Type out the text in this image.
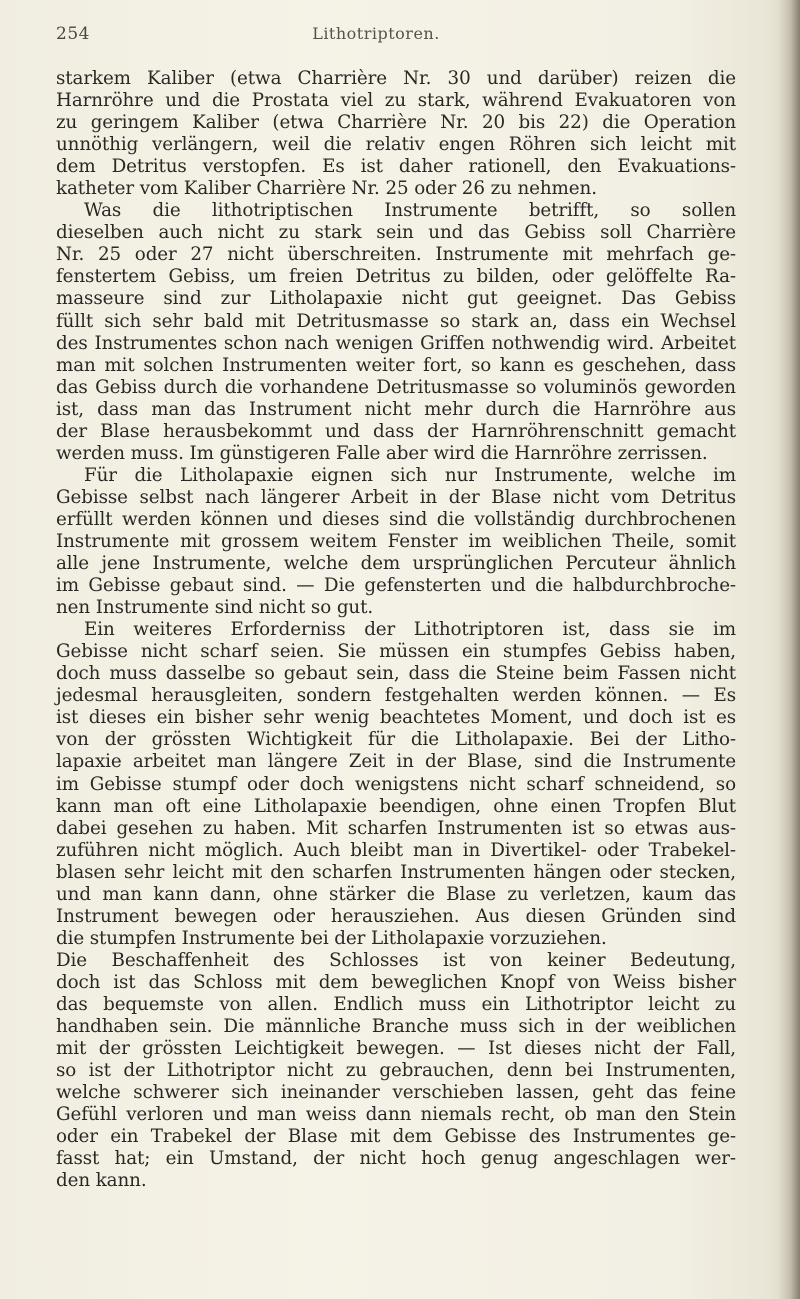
254	Lithotriptoren.
starkem Kaliber (etwa Charrière Nr. 30 und darüber) reizen die
Harnröhre und die Prostata viel zu stark, während Evakuatoren von
zu geringem Kaliber (etwa Charrière Nr. 20 bis 22) die Operation
unnöthig verlängern, weil die relativ engen Röhren sich leicht mit
dem Detritus verstopfen. Es ist daher rationell, den Evakuations-
katheter vom Kaliber Charrière Nr. 25 oder 26 zu nehmen.
Was die lithotriptischen Instrumente betrifft, so sollen
dieselben auch nicht zu stark sein und das Gebiss soll Charrière
Nr. 25 oder 27 nicht überschreiten. Instrumente mit mehrfach ge-
fenstertem Gebiss, um freien Detritus zu bilden, oder gelöffelte Ra-
masseure sind zur Litholapaxie nicht gut geeignet. Das Gebiss
füllt sich sehr bald mit Detritusmasse so stark an, dass ein Wechsel
des Instrumentes schon nach wenigen Griffen nothwendig wird. Arbeitet
man mit solchen Instrumenten weiter fort, so kann es geschehen, dass
das Gebiss durch die vorhandene Detritusmasse so voluminös geworden
ist, dass man das Instrument nicht mehr durch die Harnröhre aus
der Blase herausbekommt und dass der Harnröhrenschnitt gemacht
werden muss. Im günstigeren Falle aber wird die Harnröhre zerrissen.
Für die Litholapaxie eignen sich nur Instrumente, welche im
Gebisse selbst nach längerer Arbeit in der Blase nicht vom Detritus
erfüllt werden können und dieses sind die vollständig durchbrochenen
Instrumente mit grossem weitem Fenster im weiblichen Theile, somit
alle jene Instrumente, welche dem ursprünglichen Percuteur ähnlich
im Gebisse gebaut sind. — Die gefensterten und die halbdurchbroche-
nen Instrumente sind nicht so gut.
Ein weiteres Erforderniss der Lithotriptoren ist, dass sie im
Gebisse nicht scharf seien. Sie müssen ein stumpfes Gebiss haben,
doch muss dasselbe so gebaut sein, dass die Steine beim Fassen nicht
jedesmal herausgleiten, sondern festgehalten werden können. — Es
ist dieses ein bisher sehr wenig beachtetes Moment, und doch ist es
von der grössten Wichtigkeit für die Litholapaxie. Bei der Litho-
lapaxie arbeitet man längere Zeit in der Blase, sind die Instrumente
im Gebisse stumpf oder doch wenigstens nicht scharf schneidend, so
kann man oft eine Litholapaxie beendigen, ohne einen Tropfen Blut
dabei gesehen zu haben. Mit scharfen Instrumenten ist so etwas aus-
zuführen nicht möglich. Auch bleibt man in Divertikel- oder Trabekel-
blasen sehr leicht mit den scharfen Instrumenten hängen oder stecken,
und man kann dann, ohne stärker die Blase zu verletzen, kaum das
Instrument bewegen oder herausziehen. Aus diesen Gründen sind
die stumpfen Instrumente bei der Litholapaxie vorzuziehen.
Die Beschaffenheit des Schlosses ist von keiner Bedeutung,
doch ist das Schloss mit dem beweglichen Knopf von Weiss bisher
das bequemste von allen. Endlich muss ein Lithotriptor leicht zu
handhaben sein. Die männliche Branche muss sich in der weiblichen
mit der grössten Leichtigkeit bewegen. — Ist dieses nicht der Fall,
so ist der Lithotriptor nicht zu gebrauchen, denn bei Instrumenten,
welche schwerer sich ineinander verschieben lassen, geht das feine
Gefühl verloren und man weiss dann niemals recht, ob man den Stein
oder ein Trabekel der Blase mit dem Gebisse des Instrumentes ge-
fasst hat; ein Umstand, der nicht hoch genug angeschlagen wer-
den kann.
